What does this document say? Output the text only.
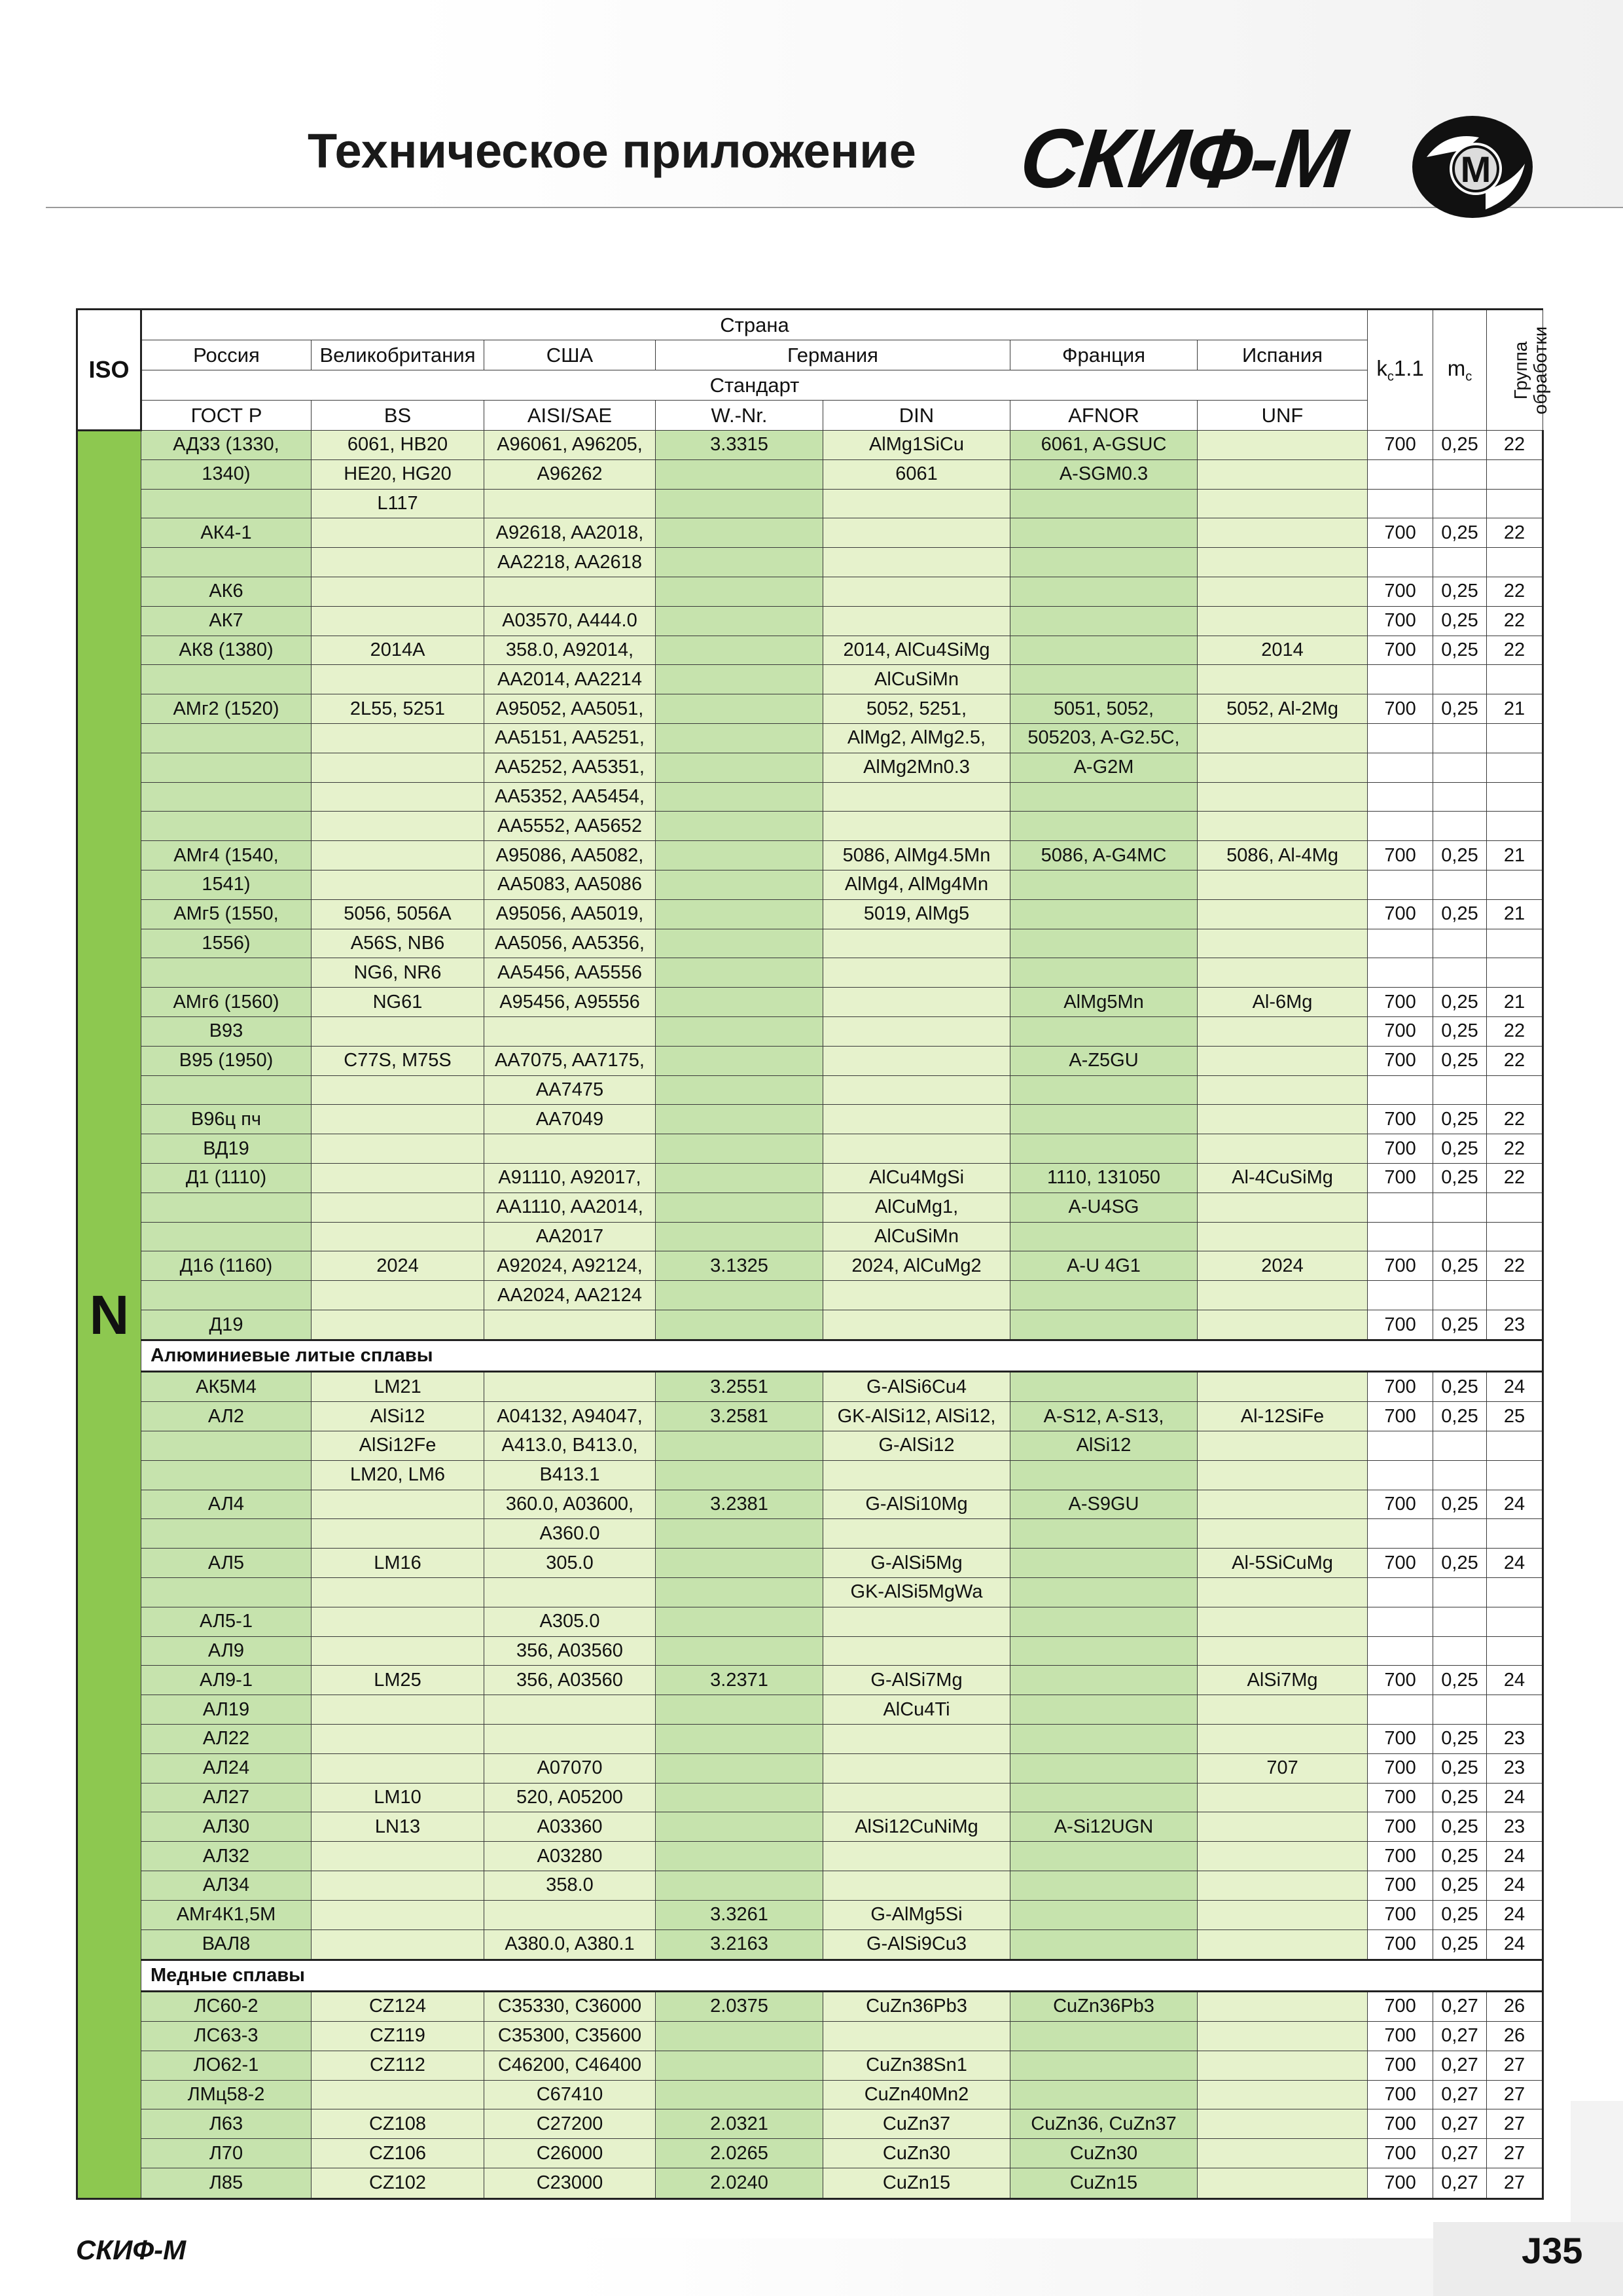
Техническое приложение СКИФ-М	M
ISO	Страна							$k_c1.1$	$m_c$	Группа
обработки
	Россия	Великобритания	США	Германия		Франция	Испания			
	Стандарт									
	ГОСТ Р	BS	AISI/SAE	W.-Nr.	DIN	AFNOR	UNF			
N	АД33 (1330,	6061, HB20	A96061, A96205,	3.3315	AlMg1SiCu	6061, A-GSUC		700	0,25	22
	1340)	HE20, HG20	A96262		6061	A-SGM0.3				
		L117								
	АК4-1		A92618, AA2018,					700	0,25	22
			AA2218, AA2618							
	АК6							700	0,25	22
	АК7		A03570, A444.0					700	0,25	22
	АК8 (1380)	2014A	358.0, A92014,		2014, AlCu4SiMg		2014	700	0,25	22
			AA2014, AA2214		AlCuSiMn					
	АМг2 (1520)	2L55, 5251	A95052, AA5051,		5052, 5251,	5051, 5052,	5052, Al-2Mg	700	0,25	21
			AA5151, AA5251,		AlMg2, AlMg2.5,	505203, A-G2.5C,				
			AA5252, AA5351,		AlMg2Mn0.3	A-G2M				
			AA5352, AA5454,							
			AA5552, AA5652							
	АМг4 (1540,		A95086, AA5082,		5086, AlMg4.5Mn	5086, A-G4MC	5086, Al-4Mg	700	0,25	21
	1541)		AA5083, AA5086		AlMg4, AlMg4Mn					
	АМг5 (1550,	5056, 5056A	A95056, AA5019,		5019, AlMg5			700	0,25	21
	1556)	A56S, NB6	AA5056, AA5356,							
		NG6, NR6	AA5456, AA5556							
	АМг6 (1560)	NG61	A95456, A95556			AlMg5Mn	Al-6Mg	700	0,25	21
	В93							700	0,25	22
	В95 (1950)	C77S, M75S	AA7075, AA7175,			A-Z5GU		700	0,25	22
			AA7475							
	В96ц пч		AA7049					700	0,25	22
	ВД19							700	0,25	22
	Д1 (1110)		A91110, A92017,		AlCu4MgSi	1110, 131050	Al-4CuSiMg	700	0,25	22
			AA1110, AA2014,		AlCuMg1,	A-U4SG				
			AA2017		AlCuSiMn					
	Д16 (1160)	2024	A92024, A92124,	3.1325	2024, AlCuMg2	A-U 4G1	2024	700	0,25	22
			AA2024, AA2124							
	Д19							700	0,25	23
	Алюминиевые литые сплавы									
	АК5М4	LM21		3.2551	G-AlSi6Cu4			700	0,25	24
	АЛ2	AlSi12	A04132, A94047,	3.2581	GK-AlSi12, AlSi12,	A-S12, A-S13,	Al-12SiFe	700	0,25	25
		AlSi12Fe	A413.0, B413.0,		G-AlSi12	AlSi12				
		LM20, LM6	B413.1							
	АЛ4		360.0, A03600,	3.2381	G-AlSi10Mg	A-S9GU		700	0,25	24
			A360.0							
	АЛ5	LM16	305.0		G-AlSi5Mg		Al-5SiCuMg	700	0,25	24
					GK-AlSi5MgWa					
	АЛ5-1		A305.0							
	АЛ9		356, A03560							
	АЛ9-1	LM25	356, A03560	3.2371	G-AlSi7Mg		AlSi7Mg	700	0,25	24
	АЛ19				AlCu4Ti					
	АЛ22							700	0,25	23
	АЛ24		A07070				707	700	0,25	23
	АЛ27	LM10	520, A05200					700	0,25	24
	АЛ30	LN13	A03360		AlSi12CuNiMg	A-Si12UGN		700	0,25	23
	АЛ32		A03280					700	0,25	24
	АЛ34		358.0					700	0,25	24
	АМг4К1,5М			3.3261	G-AlMg5Si			700	0,25	24
	ВАЛ8		A380.0, A380.1	3.2163	G-AlSi9Cu3			700	0,25	24
	Медные сплавы									
	ЛС60-2	CZ124	C35330, C36000	2.0375	CuZn36Pb3	CuZn36Pb3		700	0,27	26
	ЛС63-3	CZ119	C35300, C35600					700	0,27	26
	ЛО62-1	CZ112	C46200, C46400		CuZn38Sn1			700	0,27	27
	ЛМц58-2		C67410		CuZn40Mn2			700	0,27	27
	Л63	CZ108	C27200	2.0321	CuZn37	CuZn36, CuZn37		700	0,27	27
	Л70	CZ106	C26000	2.0265	CuZn30	CuZn30		700	0,27	27
	Л85	CZ102	C23000	2.0240	CuZn15	CuZn15		700	0,27	27
СКИФ-М	J35
